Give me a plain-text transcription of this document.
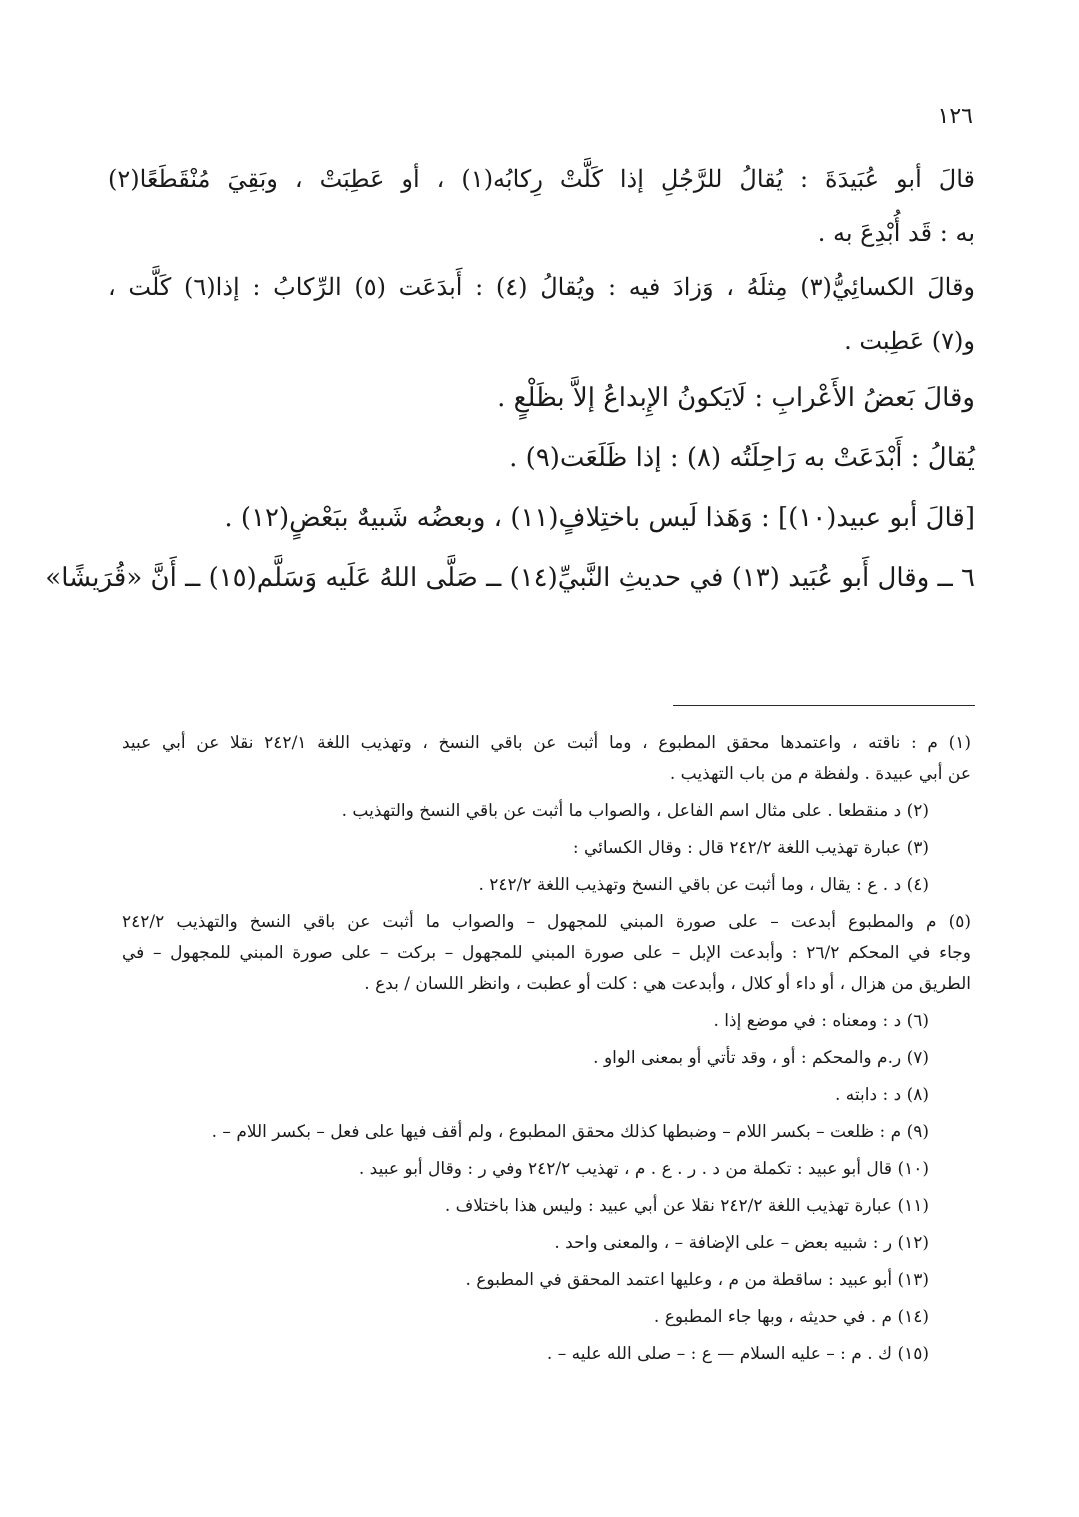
١٢٦
قالَ أبو عُبَيدَةَ : يُقالُ للرَّجُلِ إذا كَلَّتْ رِكابُه(١) ، أو عَطِبَتْ ، وبَقِيَ مُنْقَطَعًا(٢)
به : قَد أُبْدِعَ به .
وقالَ الكسائِيُّ(٣) مِثلَهُ ، وَزادَ فيه : ويُقالُ (٤) : أَبدَعَت (٥) الرِّكابُ : إذا(٦) كَلَّت ،
و(٧) عَطِبت .
وقالَ بَعضُ الأَعْرابِ : لَايَكونُ الإِبداعُ إلاَّ بظَلْعٍ .
يُقالُ : أَبْدَعَتْ به رَاحِلَتُه (٨) : إذا ظَلَعَت(٩) .
[قالَ أبو عبيد(١٠)] : وَهَذا لَيس باختِلافٍ(١١) ، وبعضُه شَبيهٌ ببَعْضٍ(١٢) .
٦ ــ وقال أَبو عُبَيد (١٣) في حديثِ النَّبيِّ(١٤) ــ صَلَّى اللهُ عَلَيه وَسَلَّم(١٥) ــ أَنَّ «قُرَيشًا»
(١) م : ناقته ، واعتمدها محقق المطبوع ، وما أثبت عن باقي النسخ ، وتهذيب اللغة ٢٤٢/١ نقلا عن أبي عبيد
عن أبي عبيدة . ولفظة م من باب التهذيب .
(٢) د منقطعا . على مثال اسم الفاعل ، والصواب ما أثبت عن باقي النسخ والتهذيب .
(٣) عبارة تهذيب اللغة ٢٤٢/٢ قال : وقال الكسائي :
(٤) د . ع : يقال ، وما أثبت عن باقي النسخ وتهذيب اللغة ٢٤٢/٢ .
(٥) م والمطبوع أبدعت – على صورة المبني للمجهول – والصواب ما أثبت عن باقي النسخ والتهذيب ٢٤٢/٢
وجاء في المحكم ٢٦/٢ : وأبدعت الإبل – على صورة المبني للمجهول – بركت – على صورة المبني للمجهول – في
الطريق من هزال ، أو داء أو كلال ، وأبدعت هي : كلت أو عطبت ، وانظر اللسان / بدع .
(٦) د : ومعناه : في موضع إذا .
(٧) ر.م والمحكم : أو ، وقد تأتي أو بمعنى الواو .
(٨) د : دابته .
(٩) م : ظلعت – بكسر اللام – وضبطها كذلك محقق المطبوع ، ولم أقف فيها على فعل – بكسر اللام – .
(١٠) قال أبو عبيد : تكملة من د . ر . ع . م ، تهذيب ٢٤٢/٢ وفي ر : وقال أبو عبيد .
(١١) عبارة تهذيب اللغة ٢٤٢/٢ نقلا عن أبي عبيد : وليس هذا باختلاف .
(١٢) ر : شبيه بعض – على الإضافة – ، والمعنى واحد .
(١٣) أبو عبيد : ساقطة من م ، وعليها اعتمد المحقق في المطبوع .
(١٤) م . في حديثه ، وبها جاء المطبوع .
(١٥) ك . م : – عليه السلام — ع : – صلى الله عليه – .
